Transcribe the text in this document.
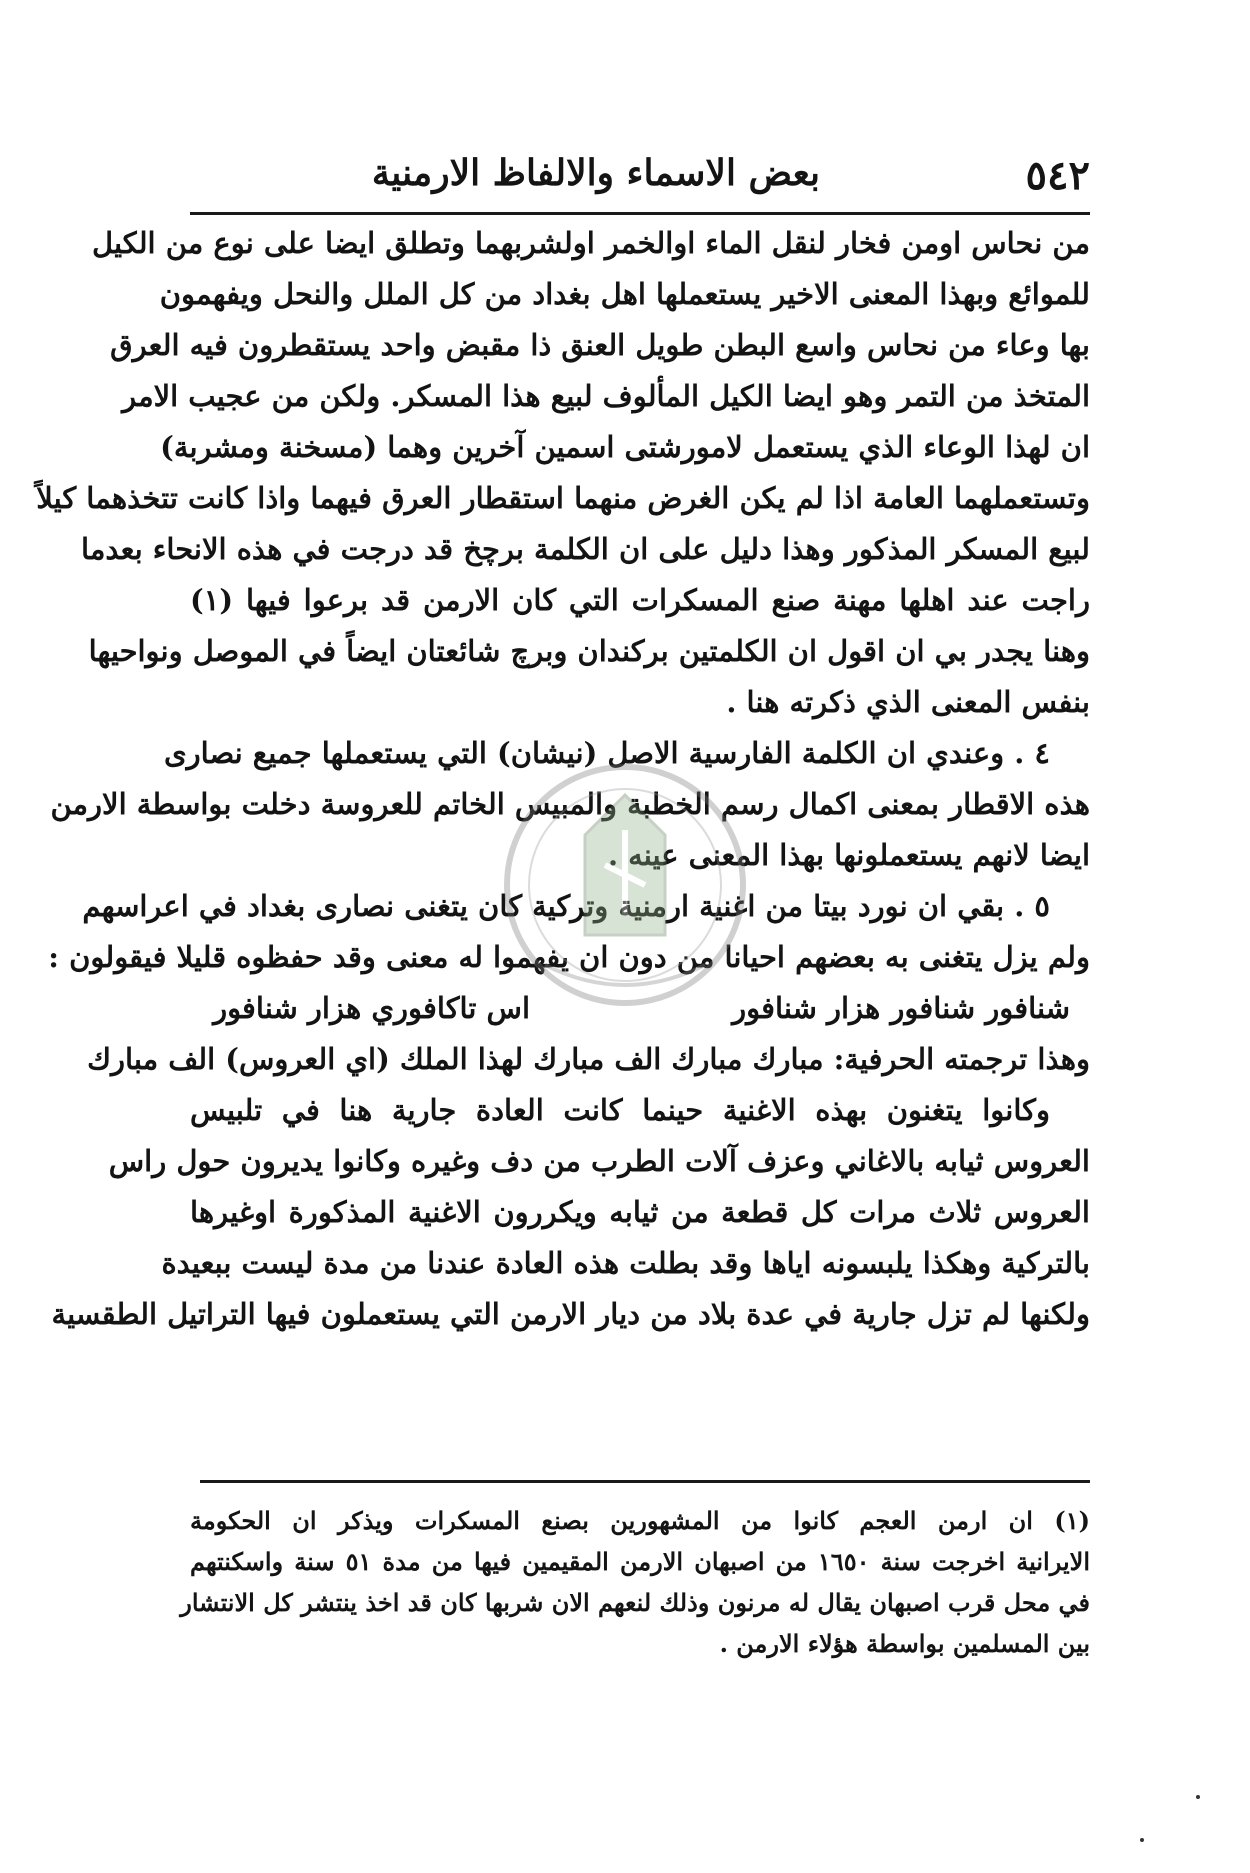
٥٤٢
بعض الاسماء والالفاظ الارمنية
من نحاس اومن فخار لنقل الماء اوالخمر اولشربهما وتطلق ايضا على نوع من الكيل
للموائع وبهذا المعنى الاخير يستعملها اهل بغداد من كل الملل والنحل ويفهمون
بها وعاء من نحاس واسع البطن طويل العنق ذا مقبض واحد يستقطرون فيه العرق
المتخذ من التمر وهو ايضا الكيل المألوف لبيع هذا المسكر. ولكن من عجيب الامر
ان لهذا الوعاء الذي يستعمل لامورشتى اسمين آخرين وهما (مسخنة ومشربة)
وتستعملهما العامة اذا لم يكن الغرض منهما استقطار العرق فيهما واذا كانت تتخذهما كيلاً
لبيع المسكر المذكور وهذا دليل على ان الكلمة برچخ قد درجت في هذه الانحاء بعدما
راجت عند اهلها مهنة صنع المسكرات التي كان الارمن قد برعوا فيها (١)
وهنا يجدر بي ان اقول ان الكلمتين بركندان وبرچ شائعتان ايضاً في الموصل ونواحيها
بنفس المعنى الذي ذكرته هنا .
٤ . وعندي ان الكلمة الفارسية الاصل (نيشان) التي يستعملها جميع نصارى
هذه الاقطار بمعنى اكمال رسم الخطبة والمبيس الخاتم للعروسة دخلت بواسطة الارمن
ايضا لانهم يستعملونها بهذا المعنى عينه .
٥ . بقي ان نورد بيتا من اغنية ارمنية وتركية كان يتغنى نصارى بغداد في اعراسهم
ولم يزل يتغنى به بعضهم احيانا من دون ان يفهموا له معنى وقد حفظوه قليلا فيقولون :
شنافور شنافور هزار شنافور
اس تاكافوري هزار شنافور
وهذا ترجمته الحرفية: مبارك مبارك الف مبارك لهذا الملك (اي العروس) الف مبارك
وكانوا يتغنون بهذه الاغنية حينما كانت العادة جارية هنا في تلبيس
العروس ثيابه بالاغاني وعزف آلات الطرب من دف وغيره وكانوا يديرون حول راس
العروس ثلاث مرات كل قطعة من ثيابه ويكررون الاغنية المذكورة اوغيرها
بالتركية وهكذا يلبسونه اياها وقد بطلت هذه العادة عندنا من مدة ليست ببعيدة
ولكنها لم تزل جارية في عدة بلاد من ديار الارمن التي يستعملون فيها التراتيل الطقسية
(١) ان ارمن العجم كانوا من المشهورين بصنع المسكرات ويذكر ان الحكومة
الايرانية اخرجت سنة ١٦٥٠ من اصبهان الارمن المقيمين فيها من مدة ٥١ سنة واسكنتهم
في محل قرب اصبهان يقال له مرنون وذلك لنعهم الان شربها كان قد اخذ ينتشر كل الانتشار
بين المسلمين بواسطة هؤلاء الارمن .
